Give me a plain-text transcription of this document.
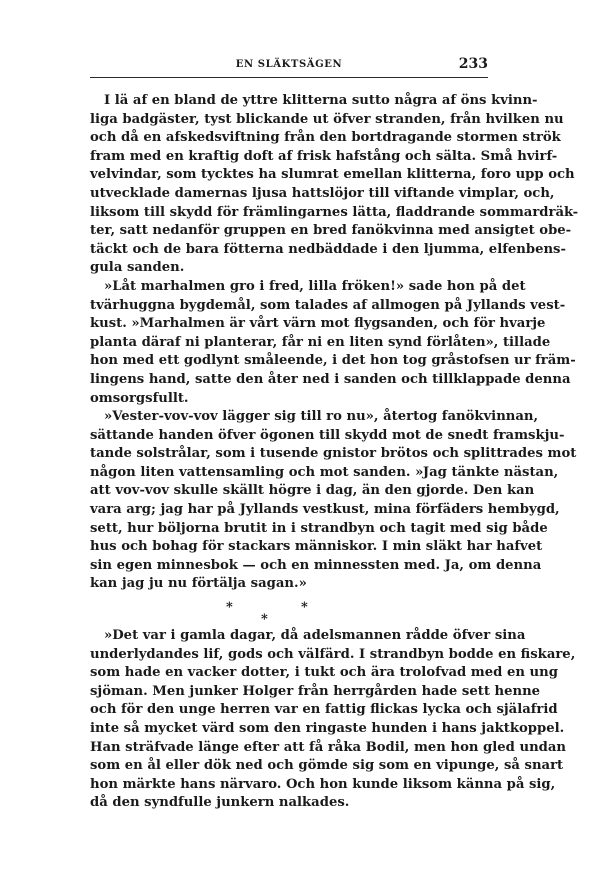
EN SLÄKTSÄGEN	233
I lä af en bland de yttre klitterna sutto några af öns kvinn-
liga badgäster, tyst blickande ut öfver stranden, från hvilken nu
och då en afskedsviftning från den bortdragande stormen strök
fram med en kraftig doft af frisk hafstång och sälta. Små hvirf-
velvindar, som tycktes ha slumrat emellan klitterna, foro upp och
utvecklade damernas ljusa hattslöjor till viftande vimplar, och,
liksom till skydd för främlingarnes lätta, fladdrande sommardräk-
ter, satt nedanför gruppen en bred fanökvinna med ansigtet obe-
täckt och de bara fötterna nedbäddade i den ljumma, elfenbens-
gula sanden.
»Låt marhalmen gro i fred, lilla fröken!» sade hon på det
tvärhuggna bygdemål, som talades af allmogen på Jyllands vest-
kust. »Marhalmen är vårt värn mot flygsanden, och för hvarje
planta däraf ni planterar, får ni en liten synd förlåten», tillade
hon med ett godlynt småleende, i det hon tog gråstofsen ur främ-
lingens hand, satte den åter ned i sanden och tillklappade denna
omsorgsfullt.
»Vester-vov-vov lägger sig till ro nu», återtog fanökvinnan,
sättande handen öfver ögonen till skydd mot de snedt framskju-
tande solstrålar, som i tusende gnistor brötos och splittrades mot
någon liten vattensamling och mot sanden. »Jag tänkte nästan,
att vov-vov skulle skällt högre i dag, än den gjorde. Den kan
vara arg; jag har på Jyllands vestkust, mina förfäders hembygd,
sett, hur böljorna brutit in i strandbyn och tagit med sig både
hus och bohag för stackars människor. I min släkt har hafvet
sin egen minnesbok — och en minnessten med. Ja, om denna
kan jag ju nu förtälja sagan.»
*	*
*
»Det var i gamla dagar, då adelsmannen rådde öfver sina
underlydandes lif, gods och välfärd. I strandbyn bodde en fiskare,
som hade en vacker dotter, i tukt och ära trolofvad med en ung
sjöman. Men junker Holger från herrgården hade sett henne
och för den unge herren var en fattig flickas lycka och själafrid
inte så mycket värd som den ringaste hunden i hans jaktkoppel.
Han sträfvade länge efter att få råka Bodil, men hon gled undan
som en ål eller dök ned och gömde sig som en vipunge, så snart
hon märkte hans närvaro. Och hon kunde liksom känna på sig,
då den syndfulle junkern nalkades.
